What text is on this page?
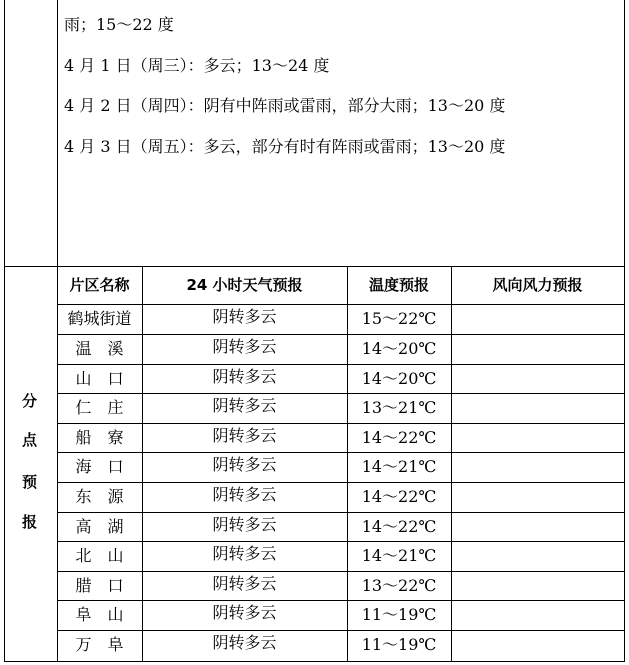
雨；15～22 度
4 月 1 日（周三）：多云；13～24 度
4 月 2 日（周四）：阴有中阵雨或雷雨，部分大雨；13～20 度
4 月 3 日（周五）：多云，部分有时有阵雨或雷雨；13～20 度
分
点
预
报
片区名称	24 小时天气预报	温度预报	风向风力预报
鹤城街道	阴转多云	15～22℃
温　溪	阴转多云	14～20℃
山　口	阴转多云	14～20℃
仁　庄	阴转多云	13～21℃
船　寮	阴转多云	14～22℃
海　口	阴转多云	14～21℃
东　源	阴转多云	14～22℃
高　湖	阴转多云	14～22℃
北　山	阴转多云	14～21℃
腊　口	阴转多云	13～22℃
阜　山	阴转多云	11～19℃
万　阜	阴转多云	11～19℃
